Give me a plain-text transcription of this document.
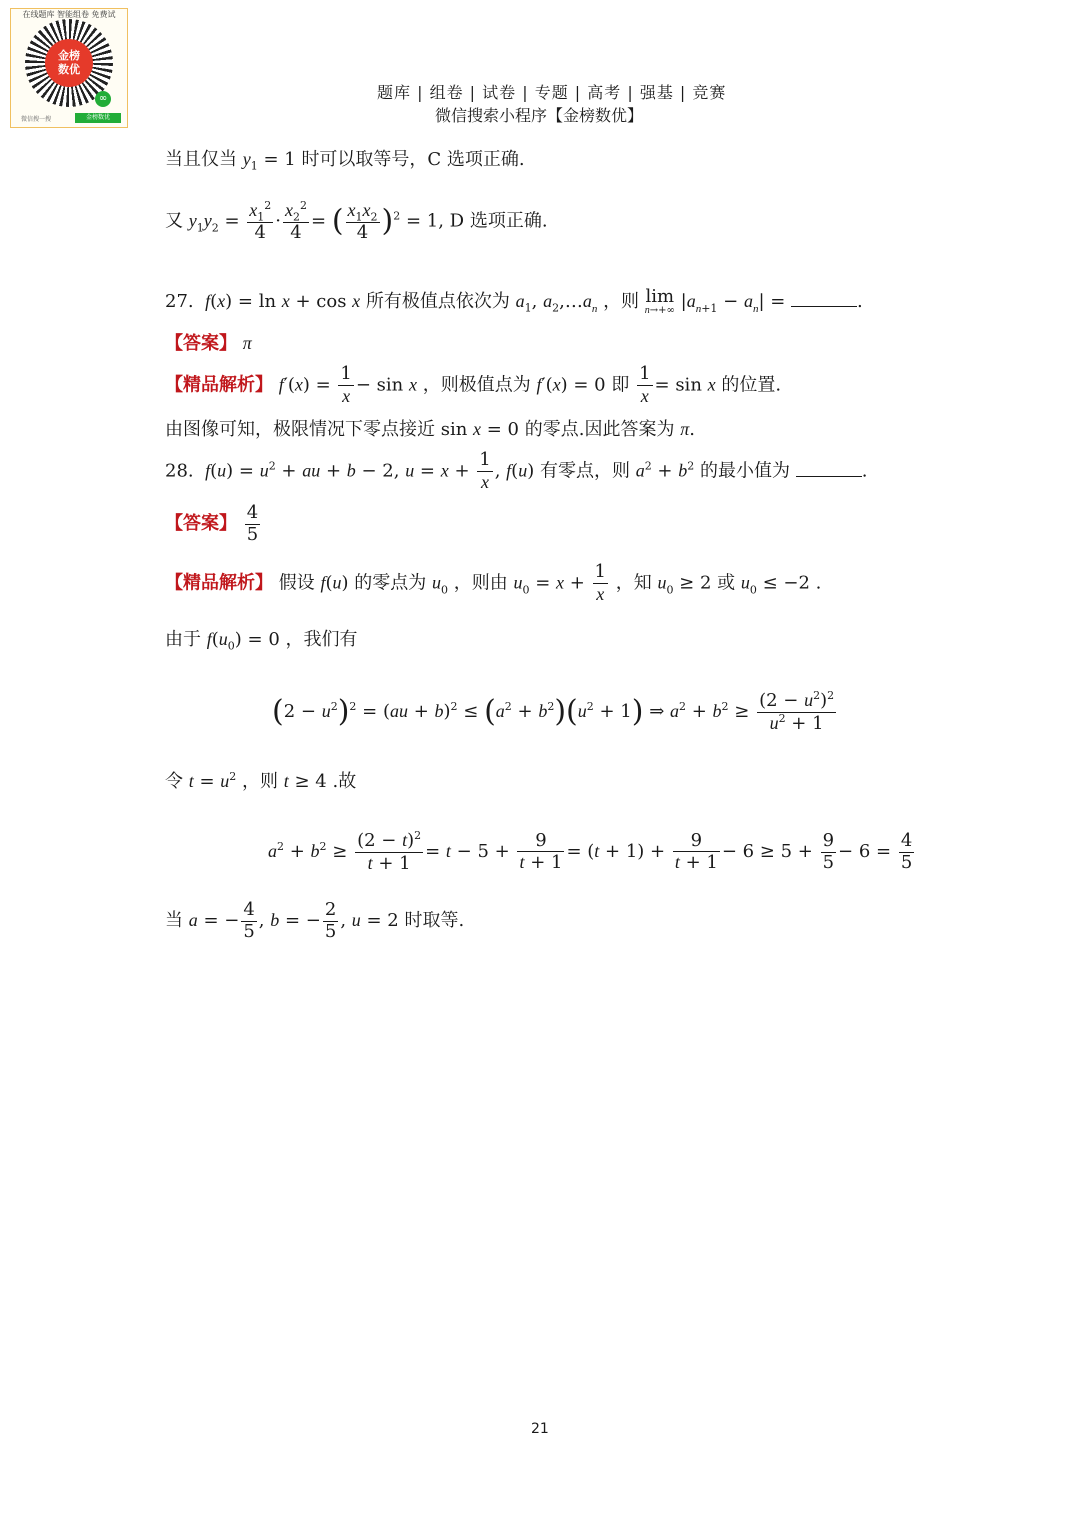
在线题库 智能组卷 免费试
金榜
数优
∞
微信搜一搜	金榜数优
题库 | 组卷 | 试卷 | 专题 | 高考 | 强基 | 竞赛
微信搜索小程序【金榜数优】
当且仅当 $y_1 = 1$ 时可以取等号，C 选项正确.
又 $y_1y_2 = \frac{x_1^2}{4} \cdot \frac{x_2^2}{4}$ = ( $\frac{x_1x_2}{4} )^2 = 1$, D 选项正确.
27. f(x) = ln x + cos x 所有极值点依次为 $a_1$, $a_2,\dots a_n$ ，则 lim
n→+∞ $|a_{n+1} - a_n|$ =	.
【答案】 π
【精品解析】 $f'(x) = \frac{1}{x} - \sin x$ ，则极值点为 f′(x) = 0 即 $\frac{1}{x} = \sin x$ 的位置.
由图像可知，极限情况下零点接近 sin x = 0 的零点.因此答案为 π.
28. $f(u) = u^2$ + au + b − 2, $u = x + \frac{1}{x}$ , f(u) 有零点，则 $a^2 + b^2$ 的最小值为	.
【答案】 $\frac{4}{5}$
【精品解析】 假设 f(u) 的零点为 $u_0$ ，则由 $u_0 = x + \frac{1}{x}$ ，知 $u_0 \ge 2$ 或 $u_0 \le -2$ .
由于 $f(u_0) = 0$ ，我们有
$(2 - u^2)^2 = (au + b)^2 \le (a^2 + b^2)(u^2 + 1)$ ⇒ $a^2 + b^2 \ge \frac{(2 - u^2)^2}{u^2 + 1}$
令 $t = u^2$ ，则 t ≥ 4 .故
$a^2 + b^2 \ge \frac{(2 - t)^2}{t + 1} = t - 5 + \frac{9}{t + 1} = (t + 1) + \frac{9}{t + 1} - 6 \ge 5 + \frac{9}{5} - 6 = \frac{4}{5}$
当 a = − $\frac{4}{5}$ , b = − $\frac{2}{5}$ , u = 2 时取等.
21
